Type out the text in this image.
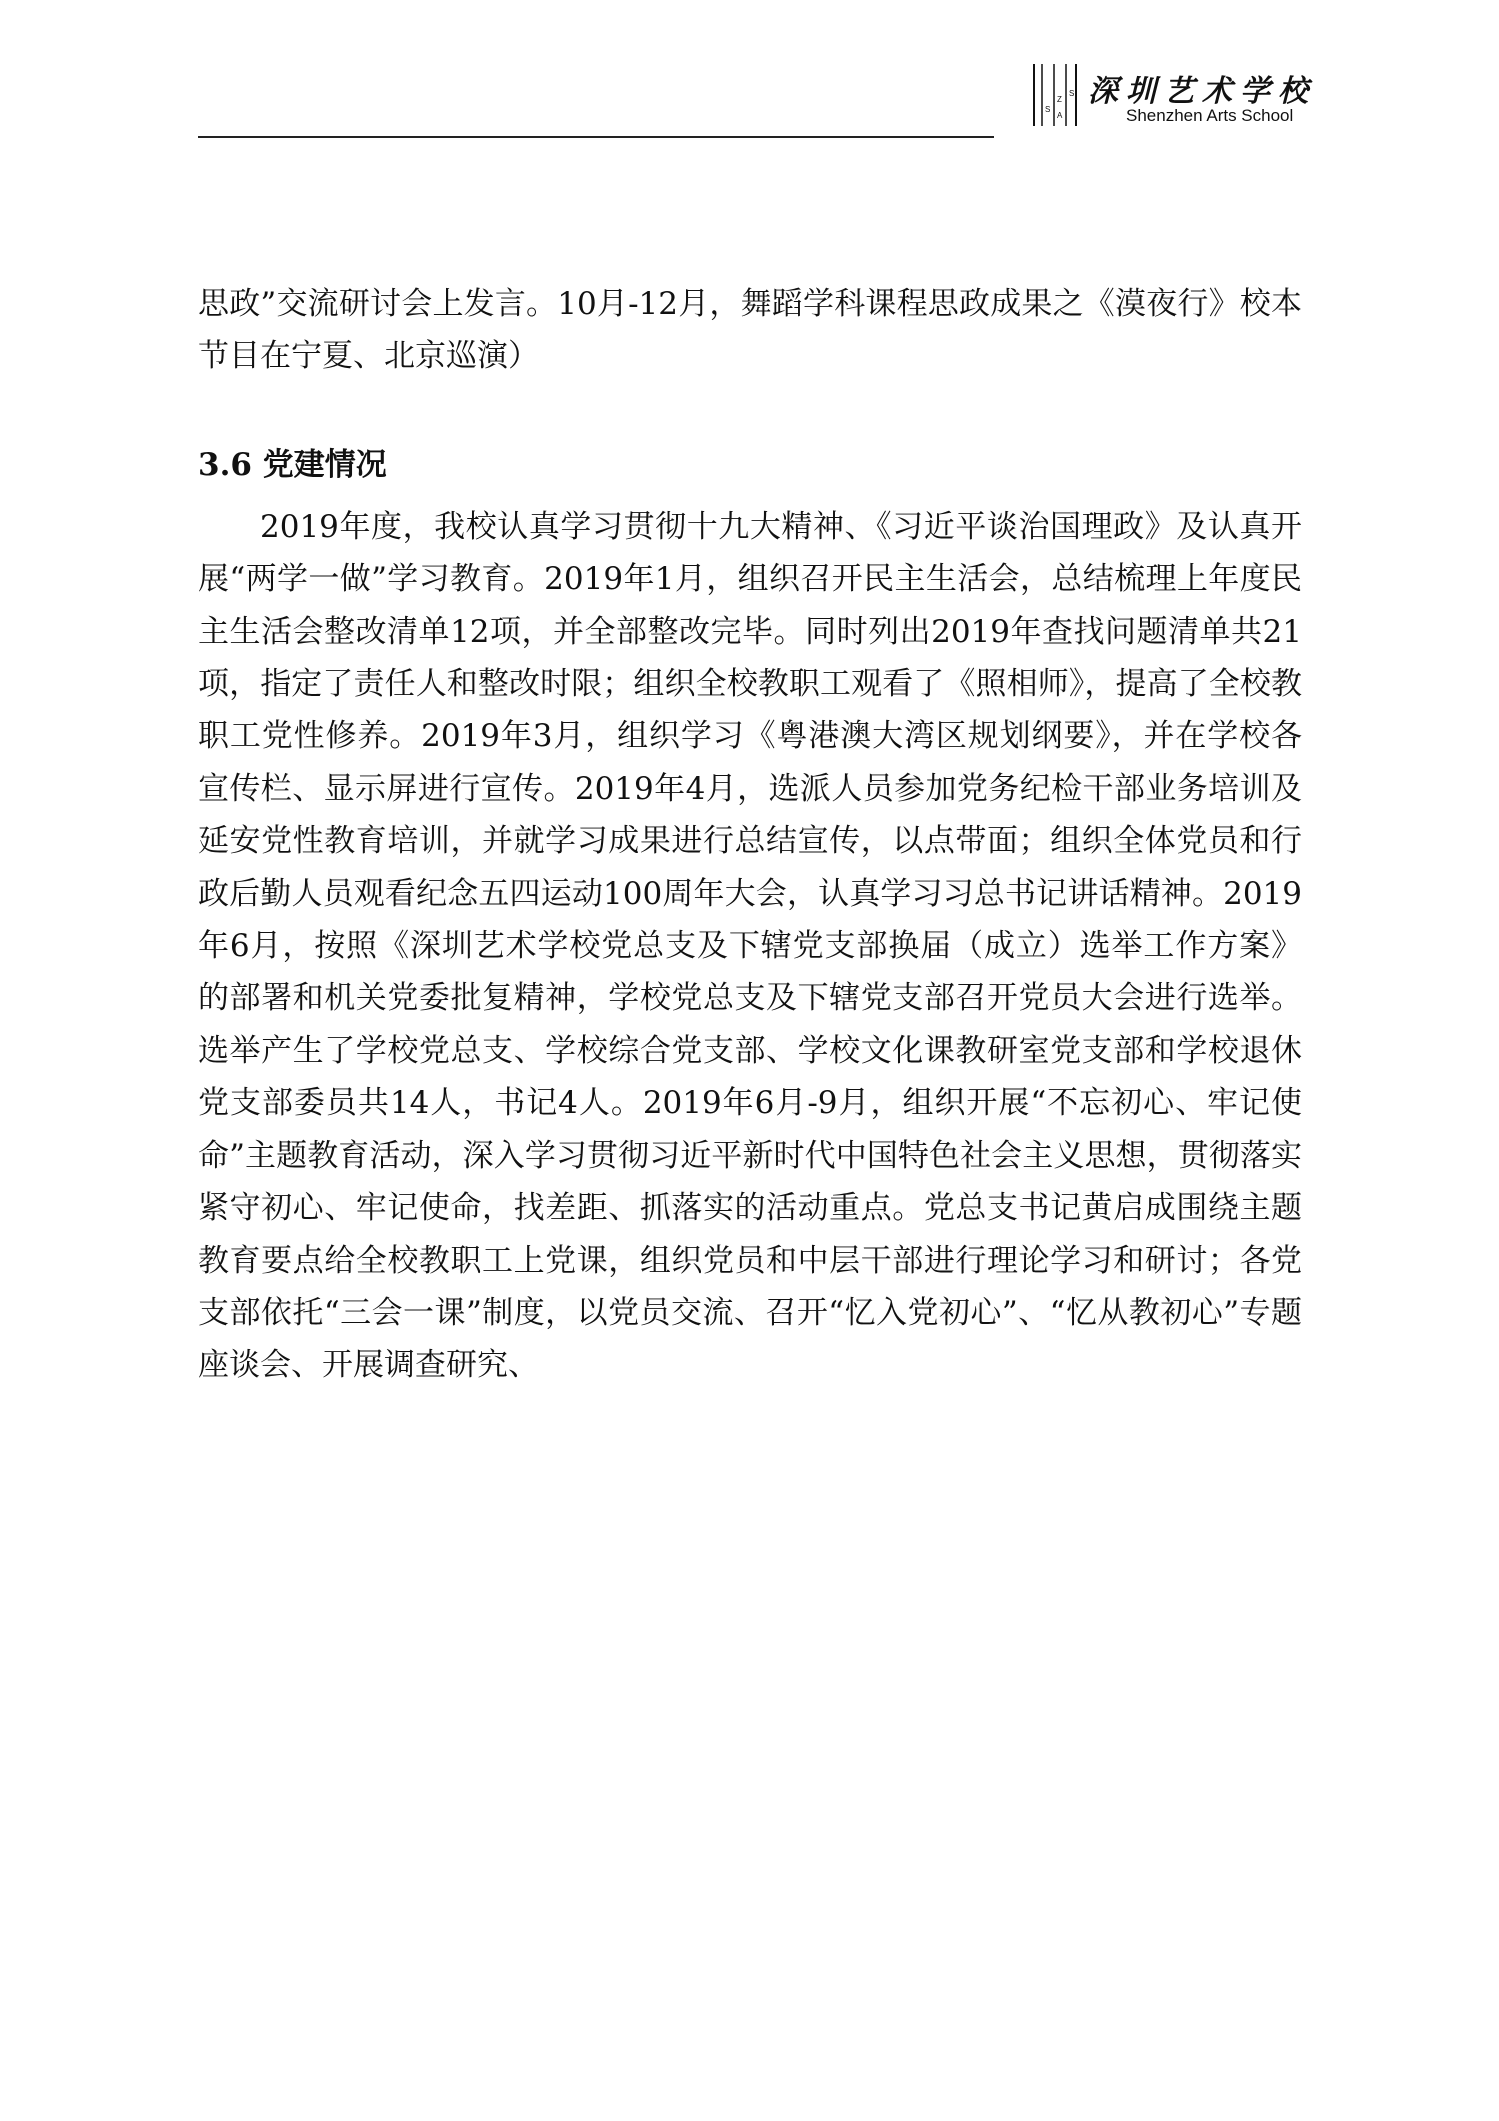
S
Z
A
S 深圳艺术学校
Shenzhen Arts School

思政”交流研讨会上发言。10月-12月，舞蹈学科课程思政成果之《漠夜行》校本节目在宁夏、北京巡演）

3.6 党建情况

2019年度，我校认真学习贯彻十九大精神、《习近平谈治国理政》及认真开展“两学一做”学习教育。2019年1月，组织召开民主生活会，总结梳理上年度民主生活会整改清单12项，并全部整改完毕。同时列出2019年查找问题清单共21项，指定了责任人和整改时限；组织全校教职工观看了《照相师》，提高了全校教职工党性修养。2019年3月，组织学习《粤港澳大湾区规划纲要》，并在学校各宣传栏、显示屏进行宣传。2019年4月，选派人员参加党务纪检干部业务培训及延安党性教育培训，并就学习成果进行总结宣传，以点带面；组织全体党员和行政后勤人员观看纪念五四运动100周年大会，认真学习习总书记讲话精神。2019年6月，按照《深圳艺术学校党总支及下辖党支部换届（成立）选举工作方案》的部署和机关党委批复精神，学校党总支及下辖党支部召开党员大会进行选举。选举产生了学校党总支、学校综合党支部、学校文化课教研室党支部和学校退休党支部委员共14人，书记4人。2019年6月-9月，组织开展“不忘初心、牢记使命”主题教育活动，深入学习贯彻习近平新时代中国特色社会主义思想，贯彻落实紧守初心、牢记使命，找差距、抓落实的活动重点。党总支书记黄启成围绕主题教育要点给全校教职工上党课，组织党员和中层干部进行理论学习和研讨；各党支部依托“三会一课”制度，以党员交流、召开“忆入党初心”、“忆从教初心”专题座谈会、开展调查研究、
